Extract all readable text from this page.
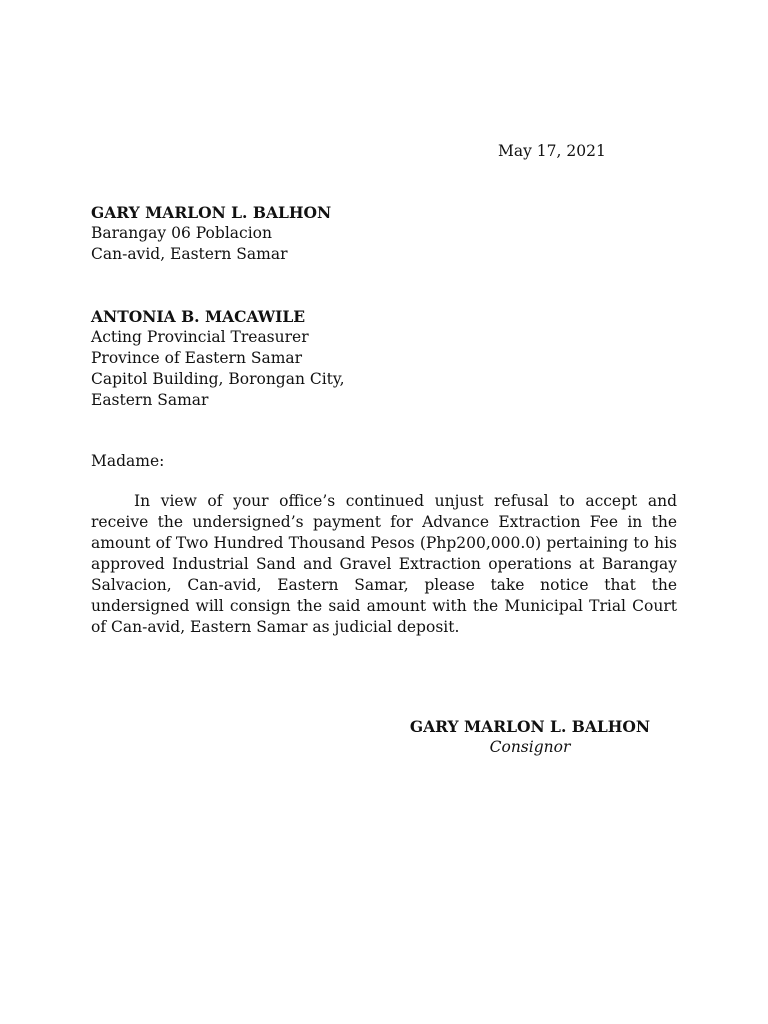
May 17, 2021
GARY MARLON L. BALHON
Barangay 06 Poblacion
Can-avid, Eastern Samar
ANTONIA B. MACAWILE
Acting Provincial Treasurer
Province of Eastern Samar
Capitol Building, Borongan City,
Eastern Samar
Madame:
In view of your office’s continued unjust refusal to accept and receive the undersigned’s payment for Advance Extraction Fee in the amount of Two Hundred Thousand Pesos (Php200,000.0) pertaining to his approved Industrial Sand and Gravel Extraction operations at Barangay Salvacion, Can-avid, Eastern Samar, please take notice that the undersigned will consign the said amount with the Municipal Trial Court of Can-avid, Eastern Samar as judicial deposit.
GARY MARLON L. BALHON
Consignor
